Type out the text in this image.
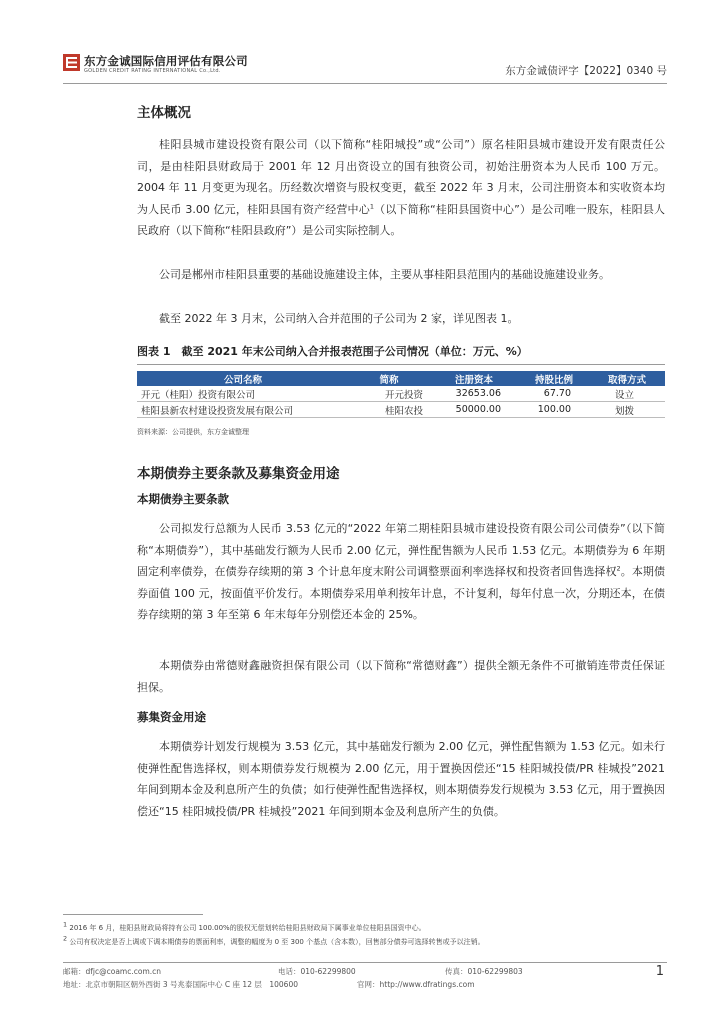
东方金诚国际信用评估有限公司
GOLDEN CREDIT RATING INTERNATIONAL Co.,Ltd.	东方金诚债评字【2022】0340 号
主体概况

桂阳县城市建设投资有限公司（以下简称“桂阳城投”或“公司”）原名桂阳县城市建设开发有限责任公司，是由桂阳县财政局于 2001 年 12 月出资设立的国有独资公司，初始注册资本为人民币 100 万元。2004 年 11 月变更为现名。历经数次增资与股权变更，截至 2022 年 3 月末，公司注册资本和实收资本均为人民币 3.00 亿元，桂阳县国有资产经营中心$^1$（以下简称“桂阳县国资中心”）是公司唯一股东，桂阳县人民政府（以下简称“桂阳县政府”）是公司实际控制人。

公司是郴州市桂阳县重要的基础设施建设主体，主要从事桂阳县范围内的基础设施建设业务。

截至 2022 年 3 月末，公司纳入合并范围的子公司为 2 家，详见图表 1。

图表 1　截至 2021 年末公司纳入合并报表范围子公司情况（单位：万元、%）
公司名称	简称	注册资本	持股比例	取得方式
开元（桂阳）投资有限公司	开元投资	32653.06	67.70	设立
桂阳县新农村建设投资发展有限公司	桂阳农投	50000.00	100.00	划拨
资料来源：公司提供，东方金诚整理
本期债券主要条款及募集资金用途
本期债券主要条款

公司拟发行总额为人民币 3.53 亿元的“2022 年第二期桂阳县城市建设投资有限公司公司债券”（以下简称“本期债券”），其中基础发行额为人民币 2.00 亿元，弹性配售额为人民币 1.53 亿元。本期债券为 6 年期固定利率债券，在债券存续期的第 3 个计息年度末附公司调整票面利率选择权和投资者回售选择权$^2$。本期债券面值 100 元，按面值平价发行。本期债券采用单利按年计息，不计复利，每年付息一次，分期还本，在债券存续期的第 3 年至第 6 年末每年分别偿还本金的 25%。

本期债券由常德财鑫融资担保有限公司（以下简称“常德财鑫”）提供全额无条件不可撤销连带责任保证担保。

募集资金用途

本期债券计划发行规模为 3.53 亿元，其中基础发行额为 2.00 亿元，弹性配售额为 1.53 亿元。如未行使弹性配售选择权，则本期债券发行规模为 2.00 亿元，用于置换因偿还“15 桂阳城投债/PR 桂城投”2021 年间到期本金及利息所产生的负债；如行使弹性配售选择权，则本期债券发行规模为 3.53 亿元，用于置换因偿还“15 桂阳城投债/PR 桂城投”2021 年间到期本金及利息所产生的负债。

$^1$ 2016 年 6 月，桂阳县财政局将持有公司 100.00%的股权无偿划转给桂阳县财政局下属事业单位桂阳县国资中心。
$^2$ 公司有权决定是否上调或下调本期债券的票面利率，调整的幅度为 0 至 300 个基点（含本数），回售部分债券可选择转售或予以注销。
邮箱：dfjc@coamc.com.cn	电话：010-62299800	传真：010-62299803
地址：北京市朝阳区朝外西街 3 号兆泰国际中心 C 座 12 层　100600	官网：http://www.dfratings.com
1
